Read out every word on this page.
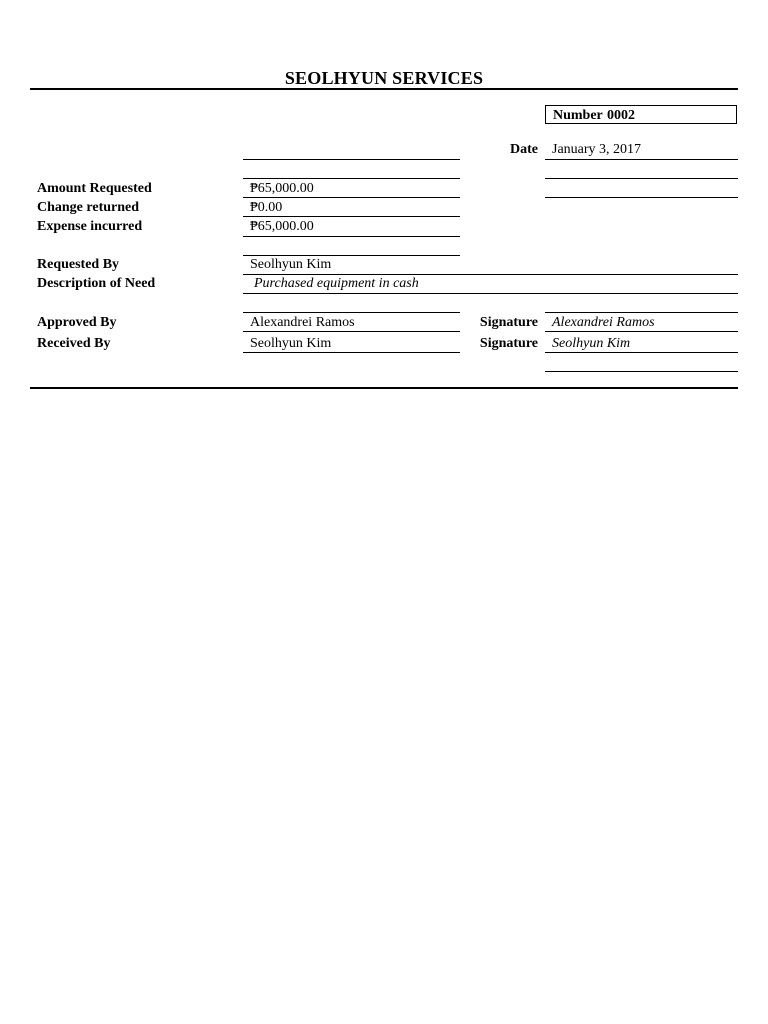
SEOLHYUN SERVICES
Number 0002
Date January 3, 2017
Amount Requested	₱65,000.00
Change returned	₱0.00
Expense incurred	₱65,000.00
Requested By	Seolhyun Kim
Description of Need	Purchased equipment in cash
Approved By	Alexandrei Ramos	Signature Alexandrei Ramos
Received By	Seolhyun Kim	Signature Seolhyun Kim
